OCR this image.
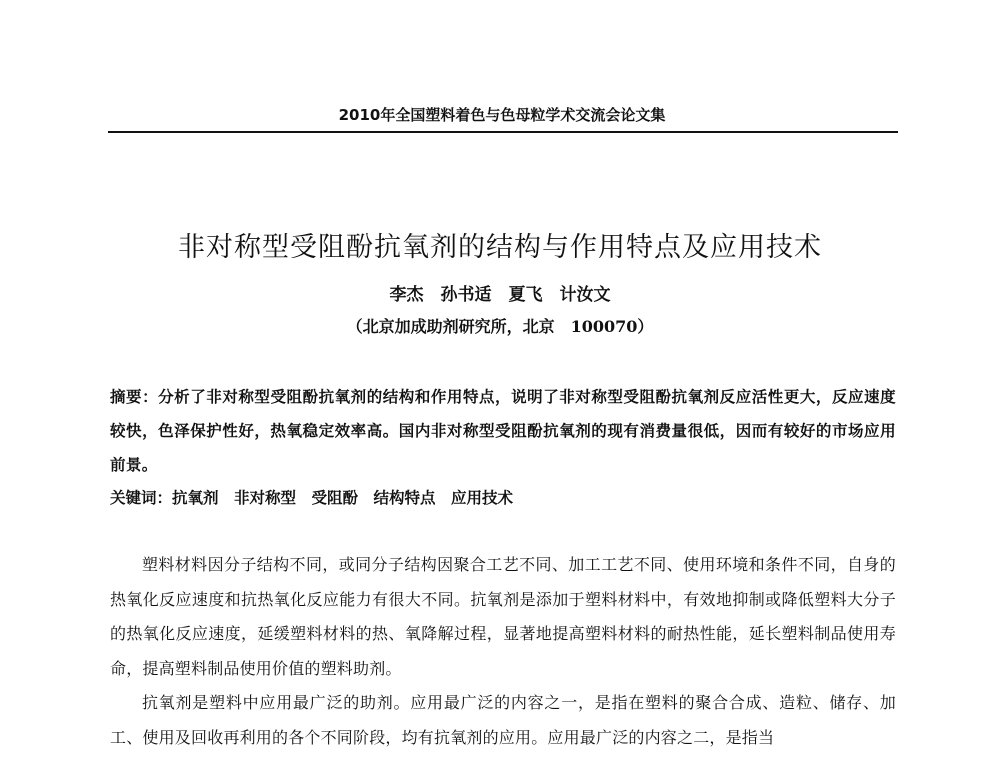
2010年全国塑料着色与色母粒学术交流会论文集
非对称型受阻酚抗氧剂的结构与作用特点及应用技术
李杰　孙书适　夏飞　计汝文
（北京加成助剂研究所，北京　100070）
摘要：分析了非对称型受阻酚抗氧剂的结构和作用特点，说明了非对称型受阻酚抗氧剂反应活性更大，反应速度较快，色泽保护性好，热氧稳定效率高。国内非对称型受阻酚抗氧剂的现有消费量很低，因而有较好的市场应用前景。
关键词：抗氧剂　非对称型　受阻酚　结构特点　应用技术

塑料材料因分子结构不同，或同分子结构因聚合工艺不同、加工工艺不同、使用环境和条件不同，自身的热氧化反应速度和抗热氧化反应能力有很大不同。抗氧剂是添加于塑料材料中，有效地抑制或降低塑料大分子的热氧化反应速度，延缓塑料材料的热、氧降解过程，显著地提高塑料材料的耐热性能，延长塑料制品使用寿命，提高塑料制品使用价值的塑料助剂。

抗氧剂是塑料中应用最广泛的助剂。应用最广泛的内容之一，是指在塑料的聚合合成、造粒、储存、加工、使用及回收再利用的各个不同阶段，均有抗氧剂的应用。应用最广泛的内容之二，是指当
